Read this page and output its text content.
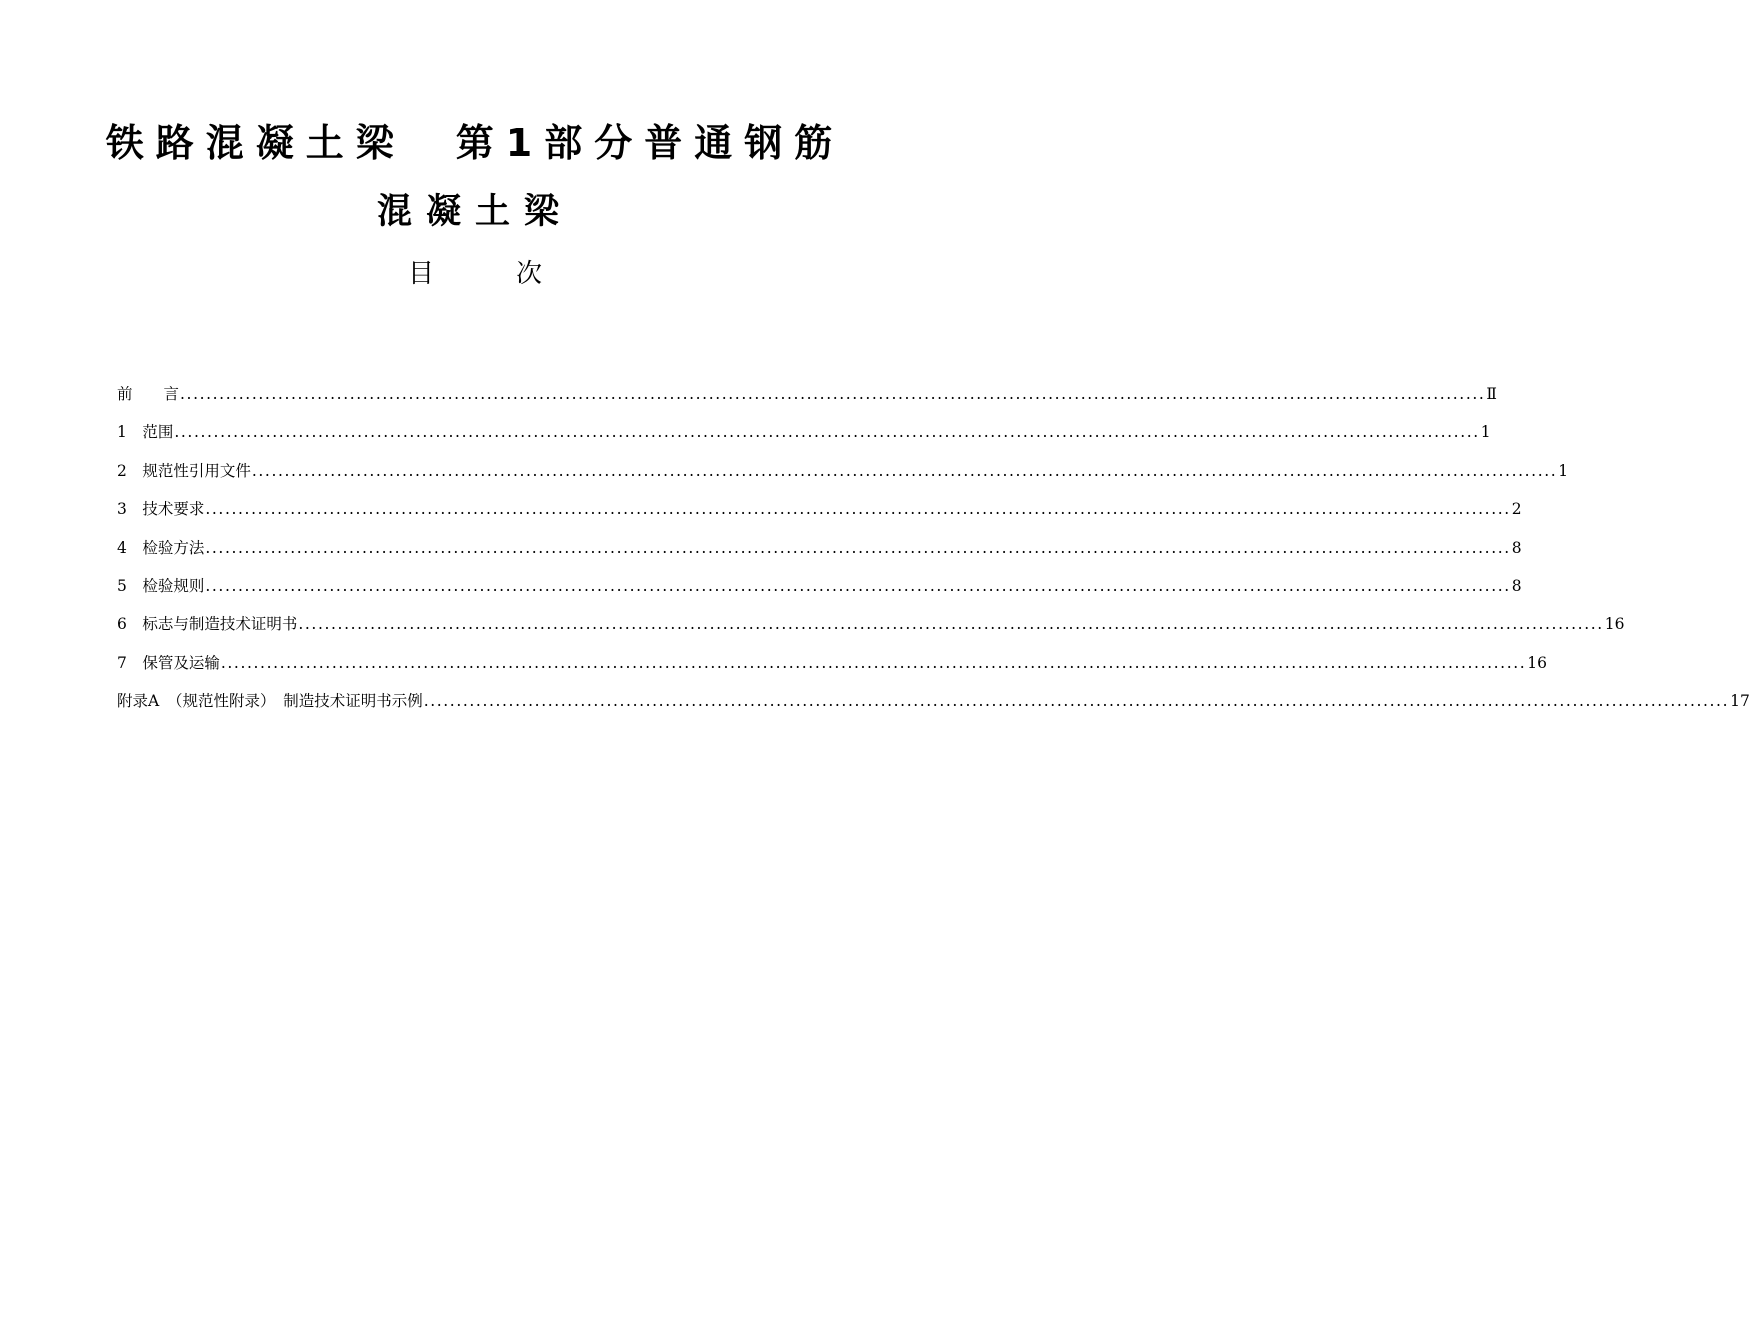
铁路混凝土梁　第1部分普通钢筋
混凝土梁
目　次
前　　言 ........................................................................................................................................................................................................ Ⅱ
1　范围 ........................................................................................................................................................................................................ 1
2　规范性引用文件 ........................................................................................................................................................................................................ 1
3　技术要求 ........................................................................................................................................................................................................ 2
4　检验方法 ........................................................................................................................................................................................................ 8
5　检验规则 ........................................................................................................................................................................................................ 8
6　标志与制造技术证明书 ........................................................................................................................................................................................................ 16
7　保管及运输 ........................................................................................................................................................................................................ 16
附录A　（规范性附录）　制造技术证明书示例 ........................................................................................................................................................................................................ 17
